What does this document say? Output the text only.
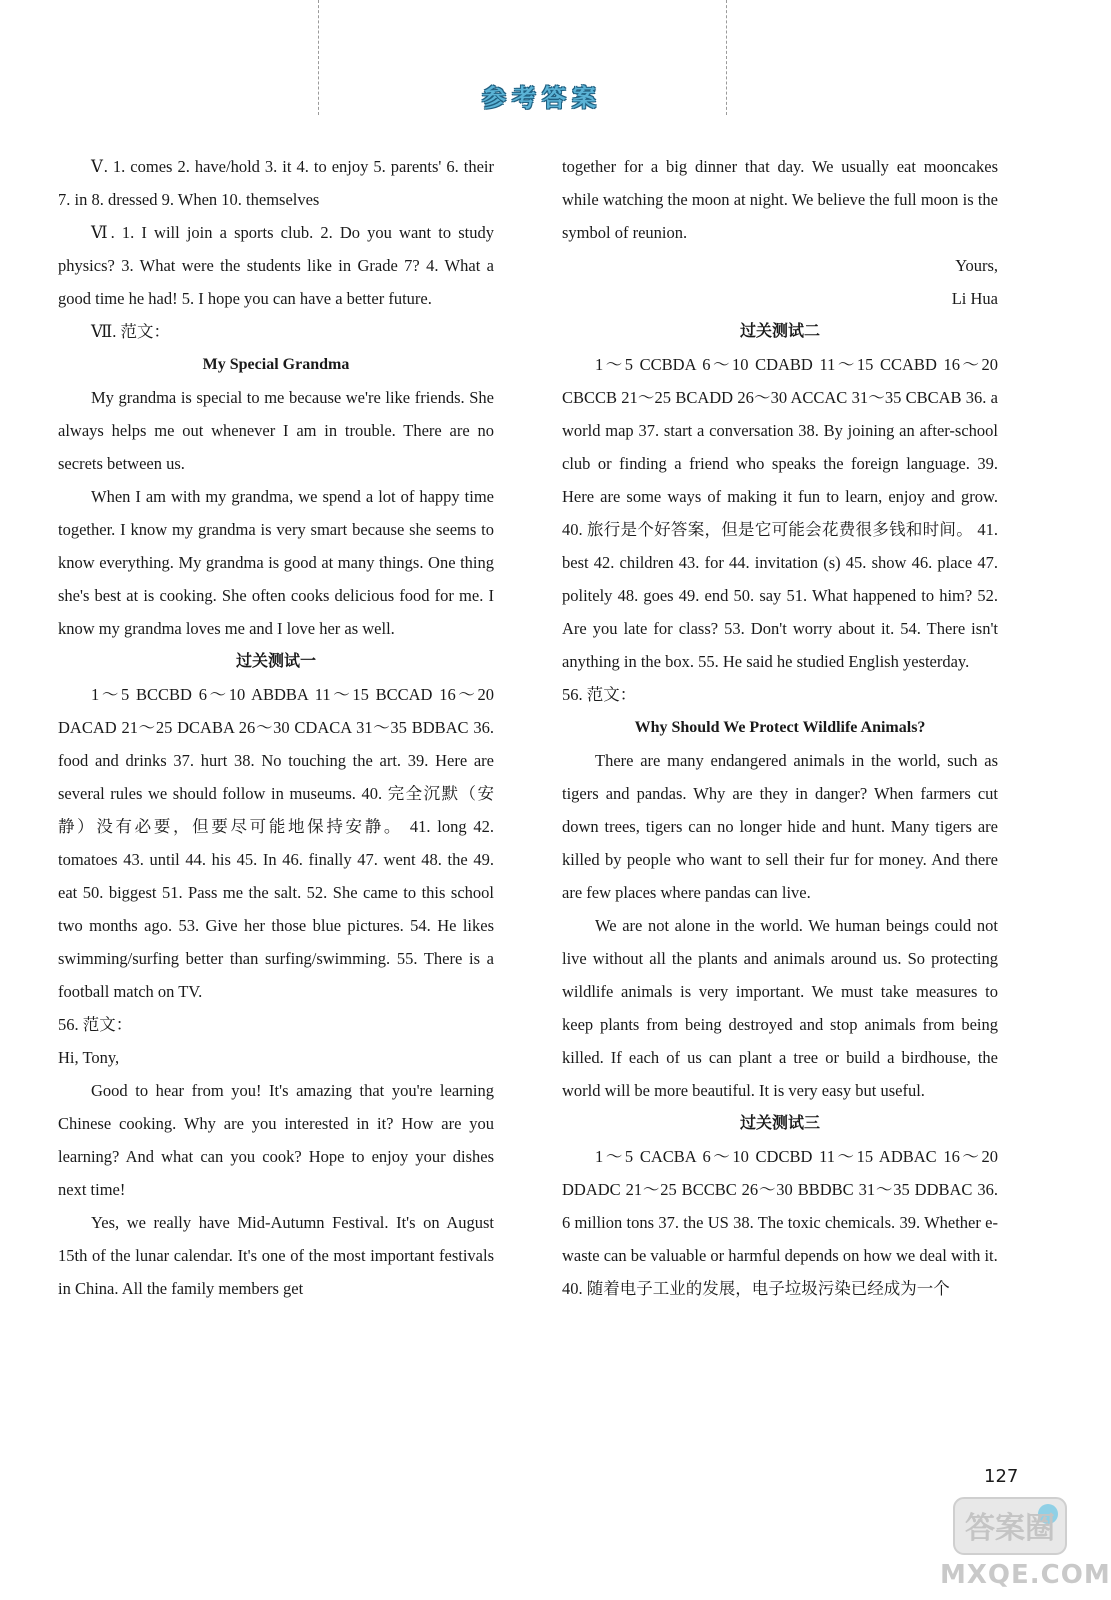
参考答案

Ⅴ. 1. comes 2. have/hold 3. it 4. to enjoy 5. parents' 6. their 7. in 8. dressed 9. When 10. themselves

Ⅵ. 1. I will join a sports club. 2. Do you want to study physics? 3. What were the students like in Grade 7? 4. What a good time he had! 5. I hope you can have a better future.

Ⅶ. 范文：

My Special Grandma

My grandma is special to me because we're like friends. She always helps me out whenever I am in trouble. There are no secrets between us.

When I am with my grandma, we spend a lot of happy time together. I know my grandma is very smart because she seems to know everything. My grandma is good at many things. One thing she's best at is cooking. She often cooks delicious food for me. I know my grandma loves me and I love her as well.

过关测试一

1～5 BCCBD 6～10 ABDBA 11～15 BCCAD 16～20 DACAD 21～25 DCABA 26～30 CDACA 31～35 BDBAC 36. food and drinks 37. hurt 38. No touching the art. 39. Here are several rules we should follow in museums. 40. 完全沉默（安静）没有必要，但要尽可能地保持安静。 41. long 42. tomatoes 43. until 44. his 45. In 46. finally 47. went 48. the 49. eat 50. biggest 51. Pass me the salt. 52. She came to this school two months ago. 53. Give her those blue pictures. 54. He likes swimming/surfing better than surfing/swimming. 55. There is a football match on TV.

56. 范文：

Hi, Tony,

Good to hear from you! It's amazing that you're learning Chinese cooking. Why are you interested in it? How are you learning? And what can you cook? Hope to enjoy your dishes next time!

Yes, we really have Mid-Autumn Festival. It's on August 15th of the lunar calendar. It's one of the most important festivals in China. All the family members get

together for a big dinner that day. We usually eat mooncakes while watching the moon at night. We believe the full moon is the symbol of reunion.

Yours,

Li Hua

过关测试二

1～5 CCBDA 6～10 CDABD 11～15 CCABD 16～20 CBCCB 21～25 BCADD 26～30 ACCAC 31～35 CBCAB 36. a world map 37. start a conversation 38. By joining an after-school club or finding a friend who speaks the foreign language. 39. Here are some ways of making it fun to learn, enjoy and grow. 40. 旅行是个好答案，但是它可能会花费很多钱和时间。 41. best 42. children 43. for 44. invitation (s) 45. show 46. place 47. politely 48. goes 49. end 50. say 51. What happened to him? 52. Are you late for class? 53. Don't worry about it. 54. There isn't anything in the box. 55. He said he studied English yesterday.

56. 范文：

Why Should We Protect Wildlife Animals?

There are many endangered animals in the world, such as tigers and pandas. Why are they in danger? When farmers cut down trees, tigers can no longer hide and hunt. Many tigers are killed by people who want to sell their fur for money. And there are few places where pandas can live.

We are not alone in the world. We human beings could not live without all the plants and animals around us. So protecting wildlife animals is very important. We must take measures to keep plants from being destroyed and stop animals from being killed. If each of us can plant a tree or build a birdhouse, the world will be more beautiful. It is very easy but useful.

过关测试三

1～5 CACBA 6～10 CDCBD 11～15 ADBAC 16～20 DDADC 21～25 BCCBC 26～30 BBDBC 31～35 DDBAC 36. 6 million tons 37. the US 38. The toxic chemicals. 39. Whether e-waste can be valuable or harmful depends on how we deal with it.

40. 随着电子工业的发展，电子垃圾污染已经成为一个

127
答案圈
MXQE.COM
